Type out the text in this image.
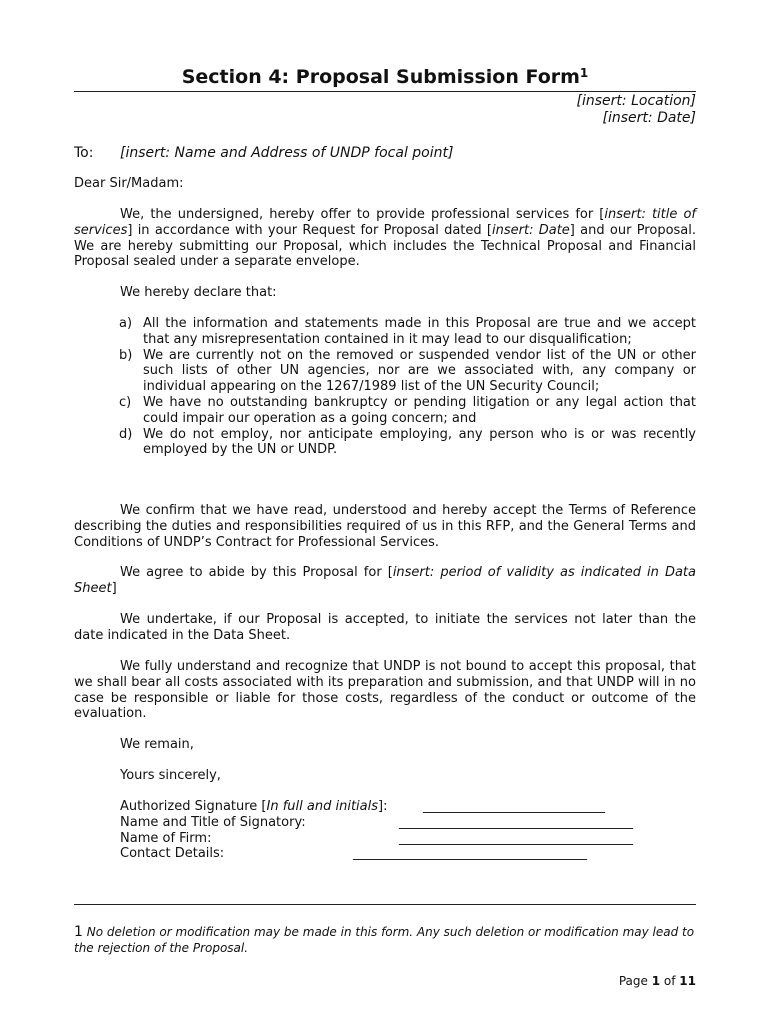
Section 4: Proposal Submission Form$^1$
[insert: Location]
[insert: Date]
To: [insert: Name and Address of UNDP focal point]
Dear Sir/Madam:
We, the undersigned, hereby offer to provide professional services for [insert: title of services] in accordance with your Request for Proposal dated [insert: Date] and our Proposal. We are hereby submitting our Proposal, which includes the Technical Proposal and Financial Proposal sealed under a separate envelope.
We hereby declare that:
a) All the information and statements made in this Proposal are true and we accept that any misrepresentation contained in it may lead to our disqualification;
b) We are currently not on the removed or suspended vendor list of the UN or other such lists of other UN agencies, nor are we associated with, any company or individual appearing on the 1267/1989 list of the UN Security Council;
c) We have no outstanding bankruptcy or pending litigation or any legal action that could impair our operation as a going concern; and
d) We do not employ, nor anticipate employing, any person who is or was recently employed by the UN or UNDP.
We confirm that we have read, understood and hereby accept the Terms of Reference describing the duties and responsibilities required of us in this RFP, and the General Terms and Conditions of UNDP’s Contract for Professional Services.
We agree to abide by this Proposal for [insert: period of validity as indicated in Data Sheet]
We undertake, if our Proposal is accepted, to initiate the services not later than the date indicated in the Data Sheet.
We fully understand and recognize that UNDP is not bound to accept this proposal, that we shall bear all costs associated with its preparation and submission, and that UNDP will in no case be responsible or liable for those costs, regardless of the conduct or outcome of the evaluation.
We remain,
Yours sincerely,
Authorized Signature [In full and initials]:	____________________________
Name and Title of Signatory:	____________________________________
Name of Firm:	____________________________________
Contact Details:	____________________________________
1 No deletion or modification may be made in this form. Any such deletion or modification may lead to the rejection of the Proposal.
Page 1 of 11
